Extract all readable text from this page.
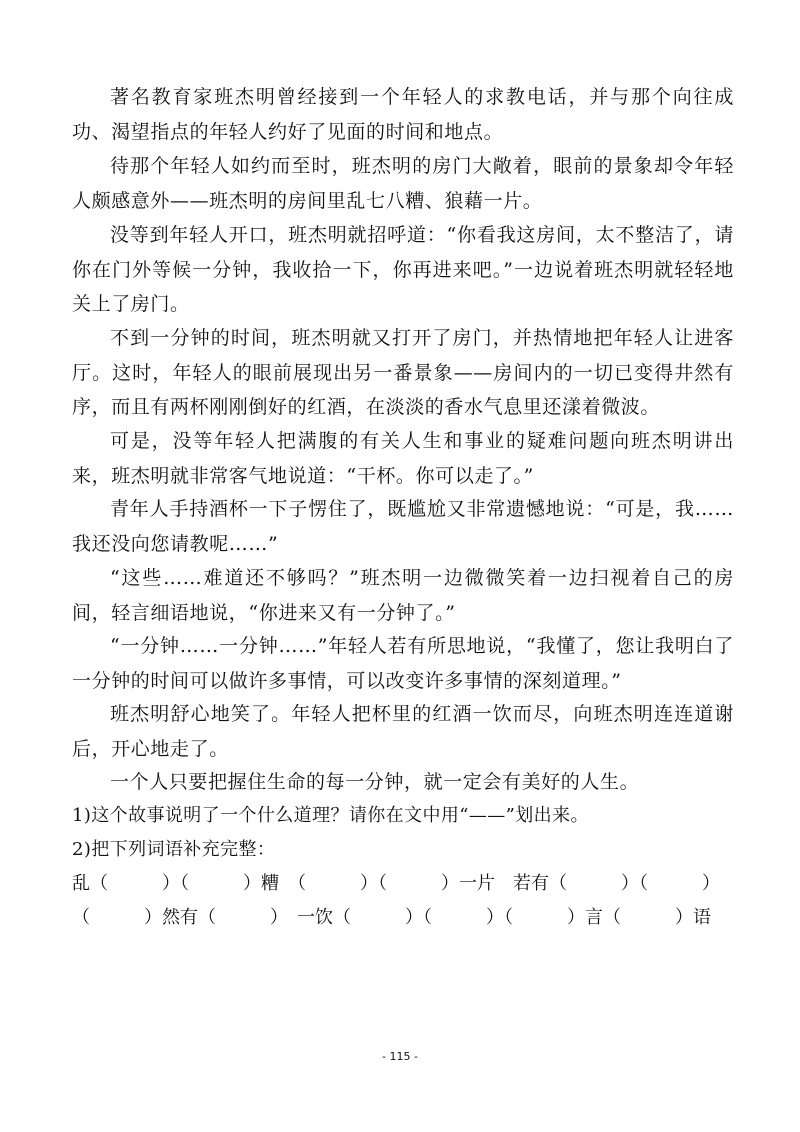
著名教育家班杰明曾经接到一个年轻人的求教电话，并与那个向往成功、渴望指点的年轻人约好了见面的时间和地点。

待那个年轻人如约而至时，班杰明的房门大敞着，眼前的景象却令年轻人颇感意外——班杰明的房间里乱七八糟、狼藉一片。

没等到年轻人开口，班杰明就招呼道：“你看我这房间，太不整洁了，请你在门外等候一分钟，我收拾一下，你再进来吧。”一边说着班杰明就轻轻地关上了房门。

不到一分钟的时间，班杰明就又打开了房门，并热情地把年轻人让进客厅。这时，年轻人的眼前展现出另一番景象——房间内的一切已变得井然有序，而且有两杯刚刚倒好的红酒，在淡淡的香水气息里还漾着微波。

可是，没等年轻人把满腹的有关人生和事业的疑难问题向班杰明讲出来，班杰明就非常客气地说道：“干杯。你可以走了。”

青年人手持酒杯一下子愣住了，既尴尬又非常遗憾地说：“可是，我……我还没向您请教呢……”

“这些……难道还不够吗？”班杰明一边微微笑着一边扫视着自己的房间，轻言细语地说，“你进来又有一分钟了。”

“一分钟……一分钟……”年轻人若有所思地说，“我懂了，您让我明白了一分钟的时间可以做许多事情，可以改变许多事情的深刻道理。”

班杰明舒心地笑了。年轻人把杯里的红酒一饮而尽，向班杰明连连道谢后，开心地走了。

一个人只要把握住生命的每一分钟，就一定会有美好的人生。

1)这个故事说明了一个什么道理？请你在文中用“——”划出来。

2)把下列词语补充完整：

乱（　　　）（　　　）糟　（　　　）（　　　）一片　若有（　　　）（　　　）

（　　　）然有（　　　）　一饮（　　　）（　　　）（　　　）言（　　　）语

- 115 -
